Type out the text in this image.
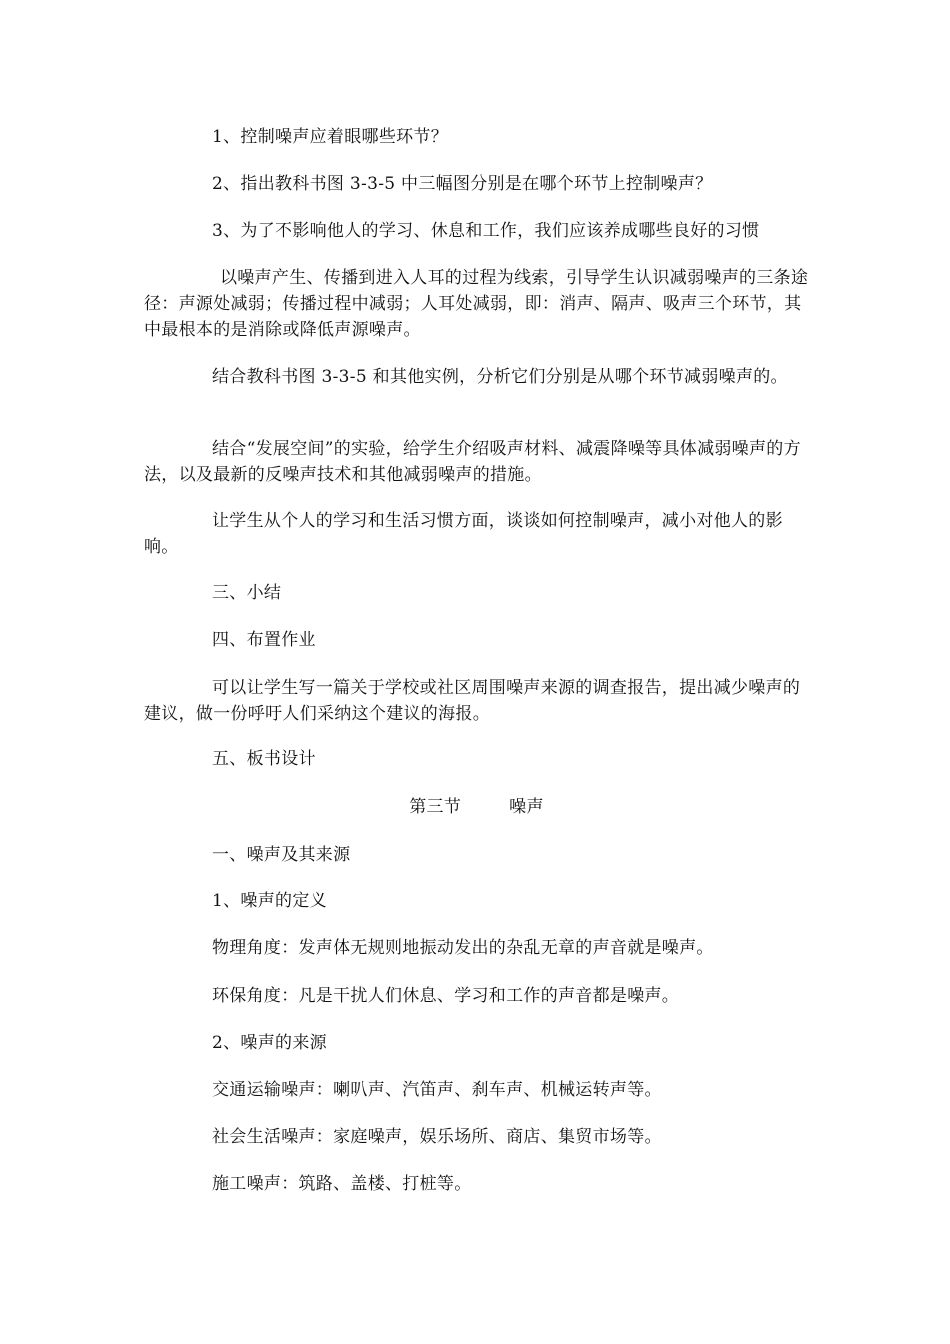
1、控制噪声应着眼哪些环节？

2、指出教科书图 3-3-5 中三幅图分别是在哪个环节上控制噪声？

3、为了不影响他人的学习、休息和工作，我们应该养成哪些良好的习惯

以噪声产生、传播到进入人耳的过程为线索，引导学生认识减弱噪声的三条途径：声源处减弱；传播过程中减弱；人耳处减弱，即：消声、隔声、吸声三个环节，其中最根本的是消除或降低声源噪声。

结合教科书图 3-3-5 和其他实例，分析它们分别是从哪个环节减弱噪声的。

结合“发展空间”的实验，给学生介绍吸声材料、减震降噪等具体减弱噪声的方法，以及最新的反噪声技术和其他减弱噪声的措施。

让学生从个人的学习和生活习惯方面，谈谈如何控制噪声，减小对他人的影响。

三、小结

四、布置作业

可以让学生写一篇关于学校或社区周围噪声来源的调查报告，提出减少噪声的建议，做一份呼吁人们采纳这个建议的海报。

五、板书设计

第三节	噪声

一、噪声及其来源

1、噪声的定义

物理角度：发声体无规则地振动发出的杂乱无章的声音就是噪声。

环保角度：凡是干扰人们休息、学习和工作的声音都是噪声。

2、噪声的来源

交通运输噪声：喇叭声、汽笛声、刹车声、机械运转声等。

社会生活噪声：家庭噪声，娱乐场所、商店、集贸市场等。

施工噪声：筑路、盖楼、打桩等。
